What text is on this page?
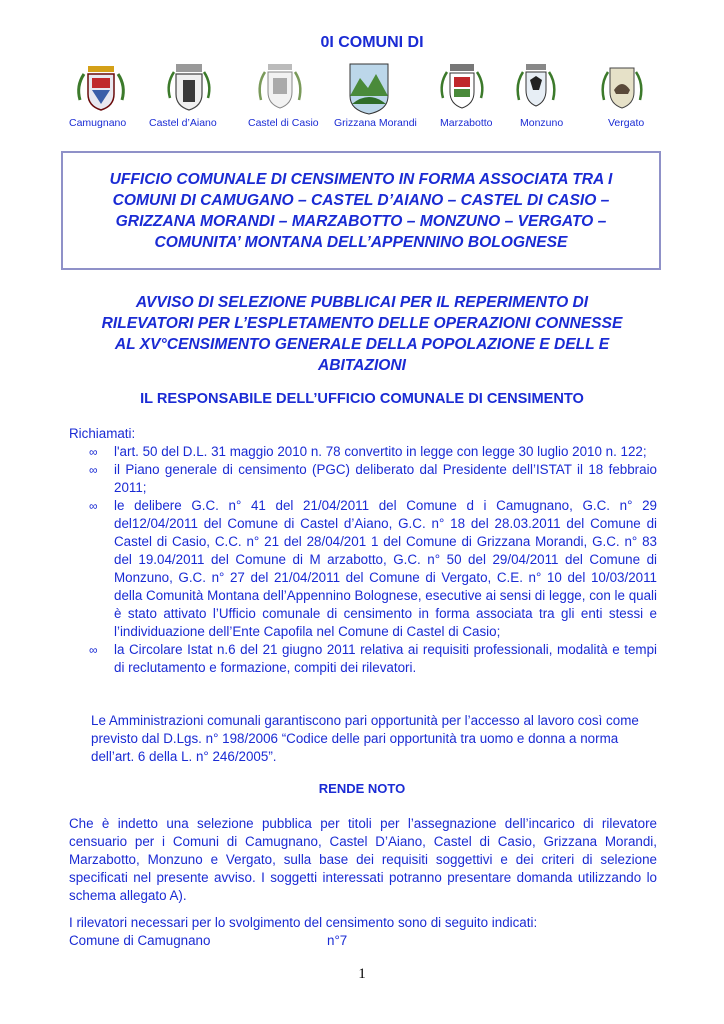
0I COMUNI DI
Camugnano Castel d’Aiano	Castel di Casio Grizzana Morandi Marzabotto	Monzuno	Vergato
UFFICIO COMUNALE DI CENSIMENTO IN FORMA ASSOCIATA TRA I
COMUNI DI CAMUGANO – CASTEL D’AIANO – CASTEL DI CASIO –
GRIZZANA MORANDI – MARZABOTTO – MONZUNO – VERGATO –
COMUNITA’ MONTANA DELL’APPENNINO BOLOGNESE
AVVISO DI SELEZIONE PUBBLICAI PER IL REPERIMENTO DI
RILEVATORI PER L’ESPLETAMENTO DELLE OPERAZIONI CONNESSE
AL XV°CENSIMENTO GENERALE DELLA POPOLAZIONE E DELL E
ABITAZIONI
IL RESPONSABILE DELL’UFFICIO COMUNALE DI CENSIMENTO
Richiamati:
∞ l'art. 50 del D.L. 31 maggio 2010 n. 78 convertito in legge con legge 30 luglio 2010 n. 122;
∞ il Piano generale di censimento (PGC) deliberato dal Presidente dell’ISTAT il 18 febbraio 2011;
∞ le delibere G.C. n° 41 del 21/04/2011 del Comune d i Camugnano, G.C. n° 29 del12/04/2011 del Comune di Castel d’Aiano, G.C. n° 18 del 28.03.2011 del Comune di Castel di Casio, C.C. n° 21 del 28/04/201 1 del Comune di Grizzana Morandi, G.C. n° 83 del 19.04/2011 del Comune di M arzabotto, G.C. n° 50 del 29/04/2011 del Comune di Monzuno, G.C. n° 27 del 21/04/2011 del Comune di Vergato, C.E. n° 10 del 10/03/2011 della Comunità Montana dell’Appennino Bolognese, esecutive ai sensi di legge, con le quali è stato attivato l’Ufficio comunale di censimento in forma associata tra gli enti stessi e l’individuazione dell’Ente Capofila nel Comune di Castel di Casio;
∞ la Circolare Istat n.6 del 21 giugno 2011 relativa ai requisiti professionali, modalità e tempi di reclutamento e formazione, compiti dei rilevatori.
Le Amministrazioni comunali garantiscono pari opportunità per l’accesso al lavoro così come previsto dal D.Lgs. n° 198/2006 “Codice delle pari opportunità tra uomo e donna a norma dell’art. 6 della L. n° 246/2005”.
RENDE NOTO
Che è indetto una selezione pubblica per titoli per l’assegnazione dell’incarico di rilevatore censuario per i Comuni di Camugnano, Castel D’Aiano, Castel di Casio, Grizzana Morandi, Marzabotto, Monzuno e Vergato, sulla base dei requisiti soggettivi e dei criteri di selezione specificati nel presente avviso. I soggetti interessati potranno presentare domanda utilizzando lo schema allegato A).
I rilevatori necessari per lo svolgimento del censimento sono di seguito indicati:
Comune di Camugnano	n°7
1
